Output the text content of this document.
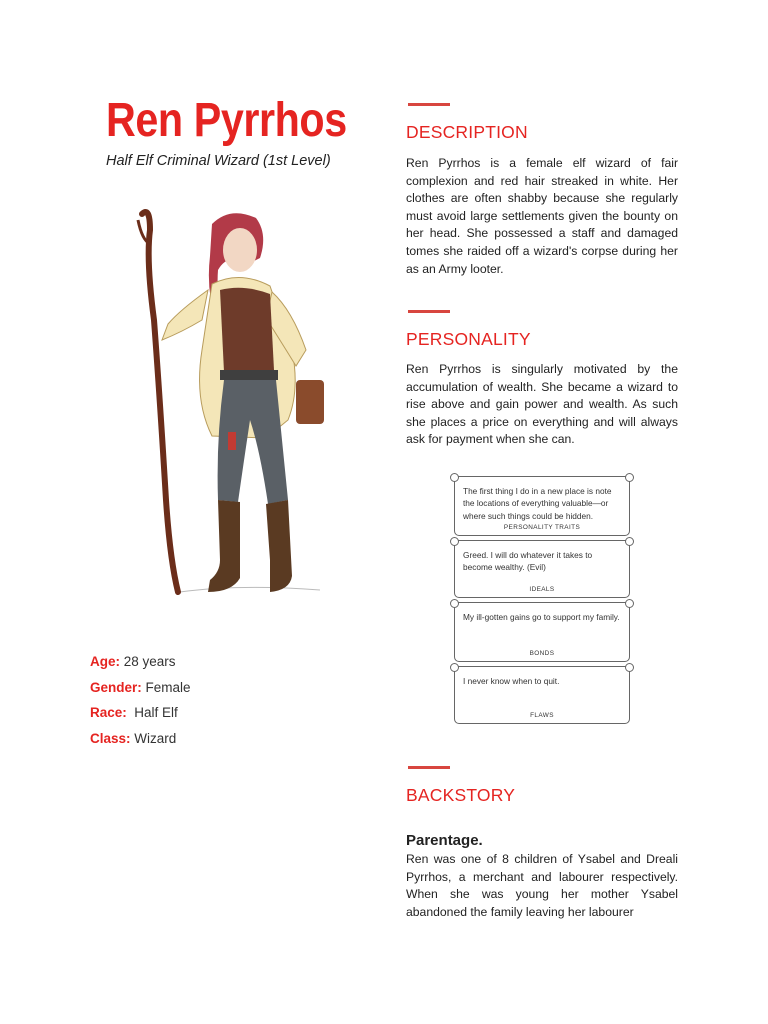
Ren Pyrrhos
Half Elf Criminal Wizard (1st Level)
Age: 28 years
Gender: Female
Race:  Half Elf
Class: Wizard
DESCRIPTION
Ren Pyrrhos is a female elf wizard of fair complexion and red hair streaked in white. Her clothes are often shabby because she regularly must avoid large settlements given the bounty on her head. She possessed a staff and damaged tomes she raided off a wizard's corpse during her as an Army looter.
PERSONALITY
Ren Pyrrhos is singularly motivated by the accumulation of wealth. She became a wizard to rise above and gain power and wealth. As such she places a price on everything and will always ask for payment when she can.
The first thing I do in a new place is note the locations of everything valuable—or where such things could be hidden.
PERSONALITY TRAITS
Greed. I will do whatever it takes to become wealthy. (Evil)
IDEALS
My ill-gotten gains go to support my family.
BONDS
I never know when to quit.
FLAWS
BACKSTORY
Parentage.
Ren was one of 8 children of Ysabel and Dreali Pyrrhos, a merchant and labourer respectively. When she was young her mother Ysabel abandoned the family leaving her labourer
